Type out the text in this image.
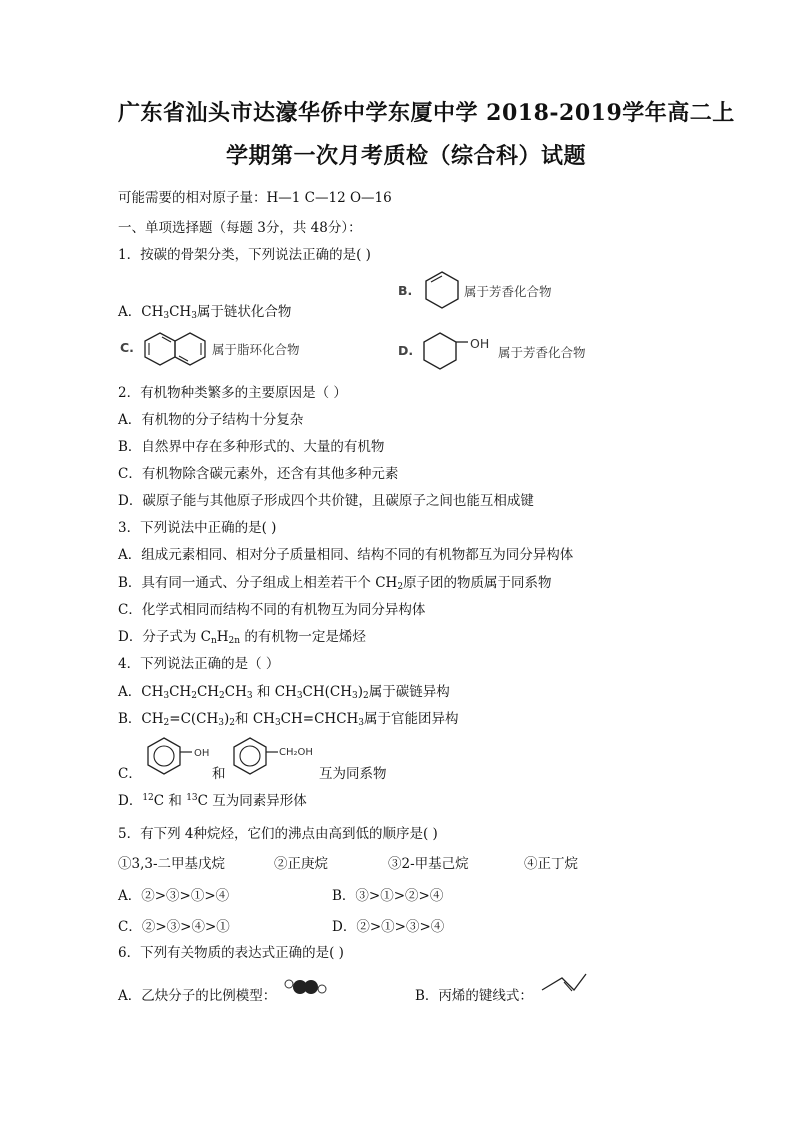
广东省汕头市达濠华侨中学东厦中学 2018-2019学年高二上
学期第一次月考质检（综合科）试题
可能需要的相对原子量：H—1 C—12 O—16
一、单项选择题（每题 3分，共 48分）：
1．按碳的骨架分类，下列说法正确的是( )
B.	属于芳香化合物
A．$CH_3CH_3$属于链状化合物
C.	属于脂环化合物	D.	OH
属于芳香化合物
2．有机物种类繁多的主要原因是（ ）
A．有机物的分子结构十分复杂
B．自然界中存在多种形式的、大量的有机物
C．有机物除含碳元素外，还含有其他多种元素
D．碳原子能与其他原子形成四个共价键，且碳原子之间也能互相成键
3．下列说法中正确的是( )
A．组成元素相同、相对分子质量相同、结构不同的有机物都互为同分异构体
B．具有同一通式、分子组成上相差若干个 $CH_2$原子团的物质属于同系物
C．化学式相同而结构不同的有机物互为同分异构体
D．分子式为 $C_nH_{2n}$ 的有机物一定是烯烃
4．下列说法正确的是（ ）
A．$CH_3CH_2CH_2CH_3$ 和 $CH_3CH(CH_3)_2$属于碳链异构
B．$CH_2=C(CH_3)_2$和 $CH_3CH=CHCH_3$属于官能团异构
C．
OH
和
CH₂OH
互为同系物
D．$^{12}$C 和 $^{13}$C 互为同素异形体
5．有下列 4种烷烃，它们的沸点由高到低的顺序是( )
①3,3-二甲基戊烷	②正庚烷	③2-甲基己烷	④正丁烷
A．②>③>①>④	B．③>①>②>④
C．②>③>④>①	D．②>①>③>④
6．下列有关物质的表达式正确的是( )
A．乙炔分子的比例模型：	B．丙烯的键线式：
